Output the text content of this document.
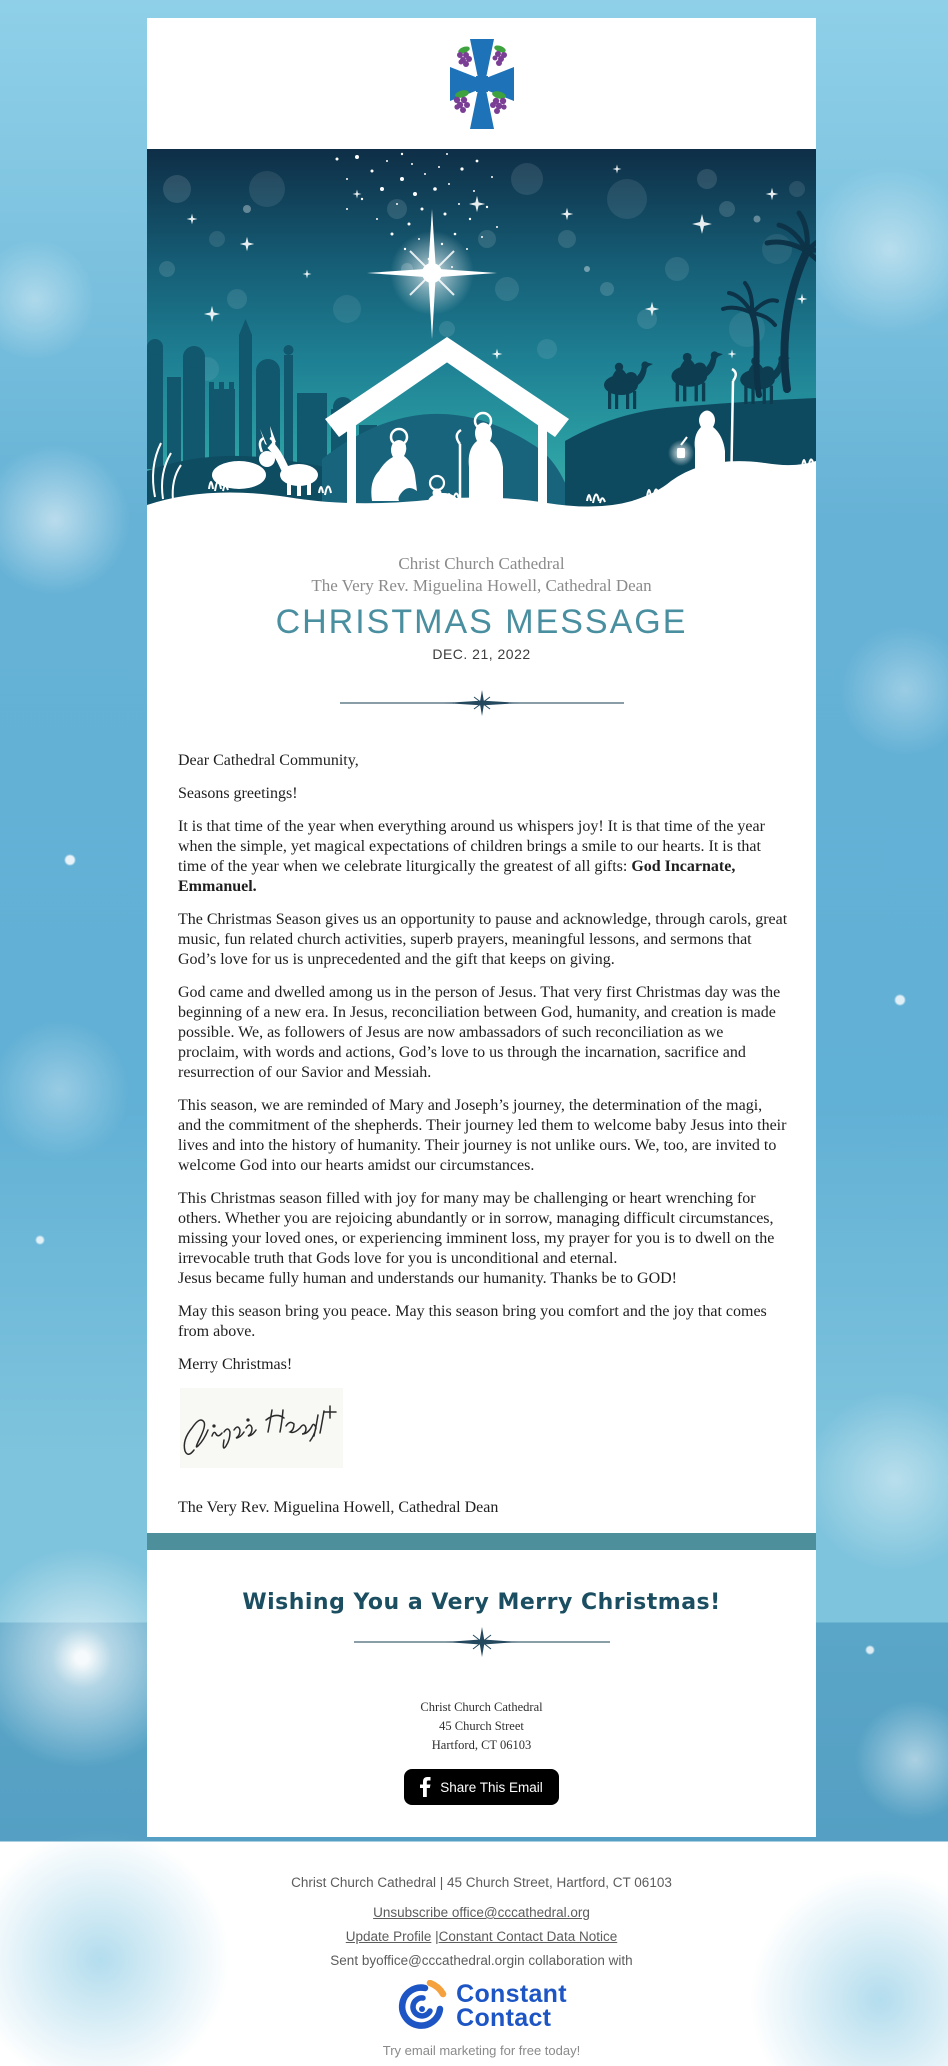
Christ Church Cathedral
The Very Rev. Miguelina Howell, Cathedral Dean
CHRISTMAS MESSAGE
DEC. 21, 2022

Dear Cathedral Community,

Seasons greetings!

It is that time of the year when everything around us whispers joy! It is that time of the year when the simple, yet magical expectations of children brings a smile to our hearts. It is that time of the year when we celebrate liturgically the greatest of all gifts: God Incarnate, Emmanuel.

The Christmas Season gives us an opportunity to pause and acknowledge, through carols, great music, fun related church activities, superb prayers, meaningful lessons, and sermons that God’s love for us is unprecedented and the gift that keeps on giving.

God came and dwelled among us in the person of Jesus. That very first Christmas day was the beginning of a new era. In Jesus, reconciliation between God, humanity, and creation is made possible. We, as followers of Jesus are now ambassadors of such reconciliation as we proclaim, with words and actions, God’s love to us through the incarnation, sacrifice and resurrection of our Savior and Messiah.

This season, we are reminded of Mary and Joseph’s journey, the determination of the magi, and the commitment of the shepherds. Their journey led them to welcome baby Jesus into their lives and into the history of humanity. Their journey is not unlike ours. We, too, are invited to welcome God into our hearts amidst our circumstances.

This Christmas season filled with joy for many may be challenging or heart wrenching for others. Whether you are rejoicing abundantly or in sorrow, managing difficult circumstances, missing your loved ones, or experiencing imminent loss, my prayer for you is to dwell on the irrevocable truth that Gods love for you is unconditional and eternal.
Jesus became fully human and understands our humanity. Thanks be to GOD!

May this season bring you peace. May this season bring you comfort and the joy that comes from above.

Merry Christmas!

The Very Rev. Miguelina Howell, Cathedral Dean

Wishing You a Very Merry Christmas!
Christ Church Cathedral
45 Church Street
Hartford, CT 06103
Share This Email

Christ Church Cathedral | 45 Church Street, Hartford, CT 06103

Unsubscribe office@cccathedral.org

Update Profile |Constant Contact Data Notice

Sent byoffice@cccathedral.orgin collaboration with

Constant
Contact

Try email marketing for free today!
